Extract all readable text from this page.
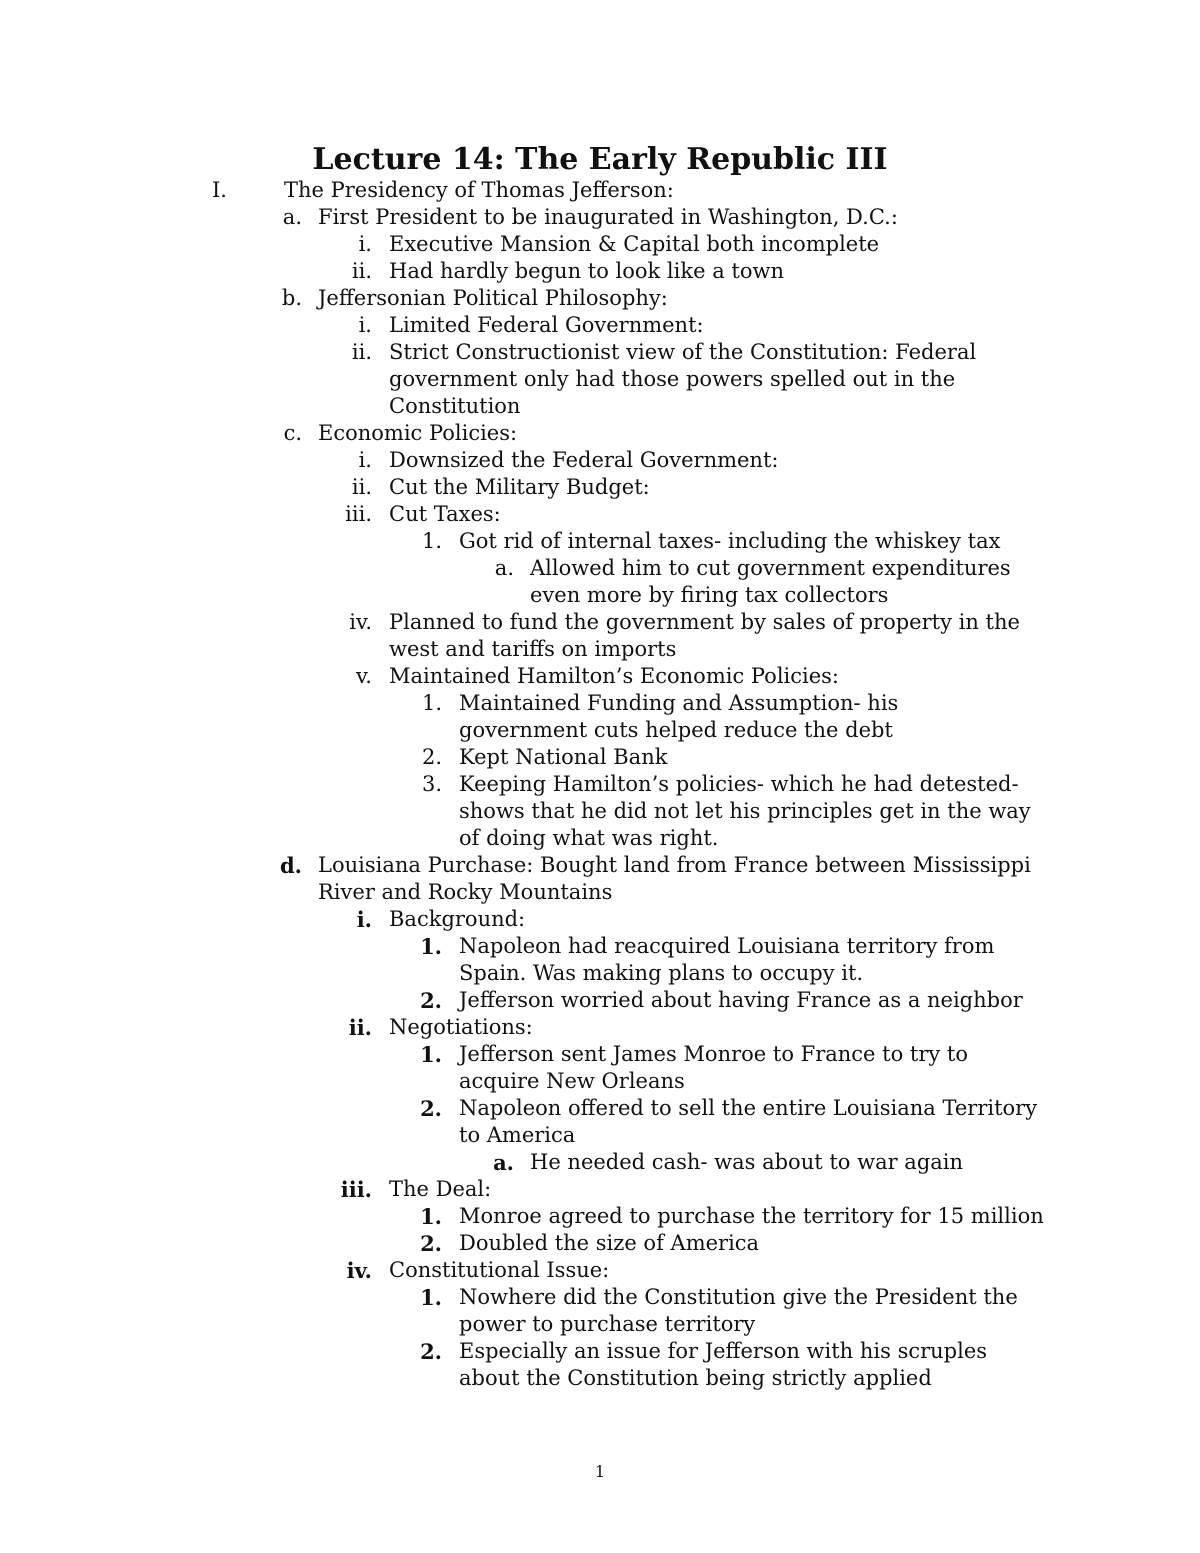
Lecture 14: The Early Republic III
I.	The Presidency of Thomas Jefferson:
a. First President to be inaugurated in Washington, D.C.:
i. Executive Mansion & Capital both incomplete
ii. Had hardly begun to look like a town
b. Jeffersonian Political Philosophy:
i. Limited Federal Government:
ii. Strict Constructionist view of the Constitution: Federal
government only had those powers spelled out in the
Constitution
c. Economic Policies:
i. Downsized the Federal Government:
ii. Cut the Military Budget:
iii. Cut Taxes:
1. Got rid of internal taxes- including the whiskey tax
a. Allowed him to cut government expenditures
even more by firing tax collectors
iv. Planned to fund the government by sales of property in the
west and tariffs on imports
v. Maintained Hamilton’s Economic Policies:
1. Maintained Funding and Assumption- his
government cuts helped reduce the debt
2. Kept National Bank
3. Keeping Hamilton’s policies- which he had detested-
shows that he did not let his principles get in the way
of doing what was right.
d. Louisiana Purchase: Bought land from France between Mississippi
River and Rocky Mountains
i. Background:
1. Napoleon had reacquired Louisiana territory from
Spain. Was making plans to occupy it.
2. Jefferson worried about having France as a neighbor
ii. Negotiations:
1. Jefferson sent James Monroe to France to try to
acquire New Orleans
2. Napoleon offered to sell the entire Louisiana Territory
to America
a. He needed cash- was about to war again
iii. The Deal:
1. Monroe agreed to purchase the territory for 15 million
2. Doubled the size of America
iv. Constitutional Issue:
1. Nowhere did the Constitution give the President the
power to purchase territory
2. Especially an issue for Jefferson with his scruples
about the Constitution being strictly applied
1
